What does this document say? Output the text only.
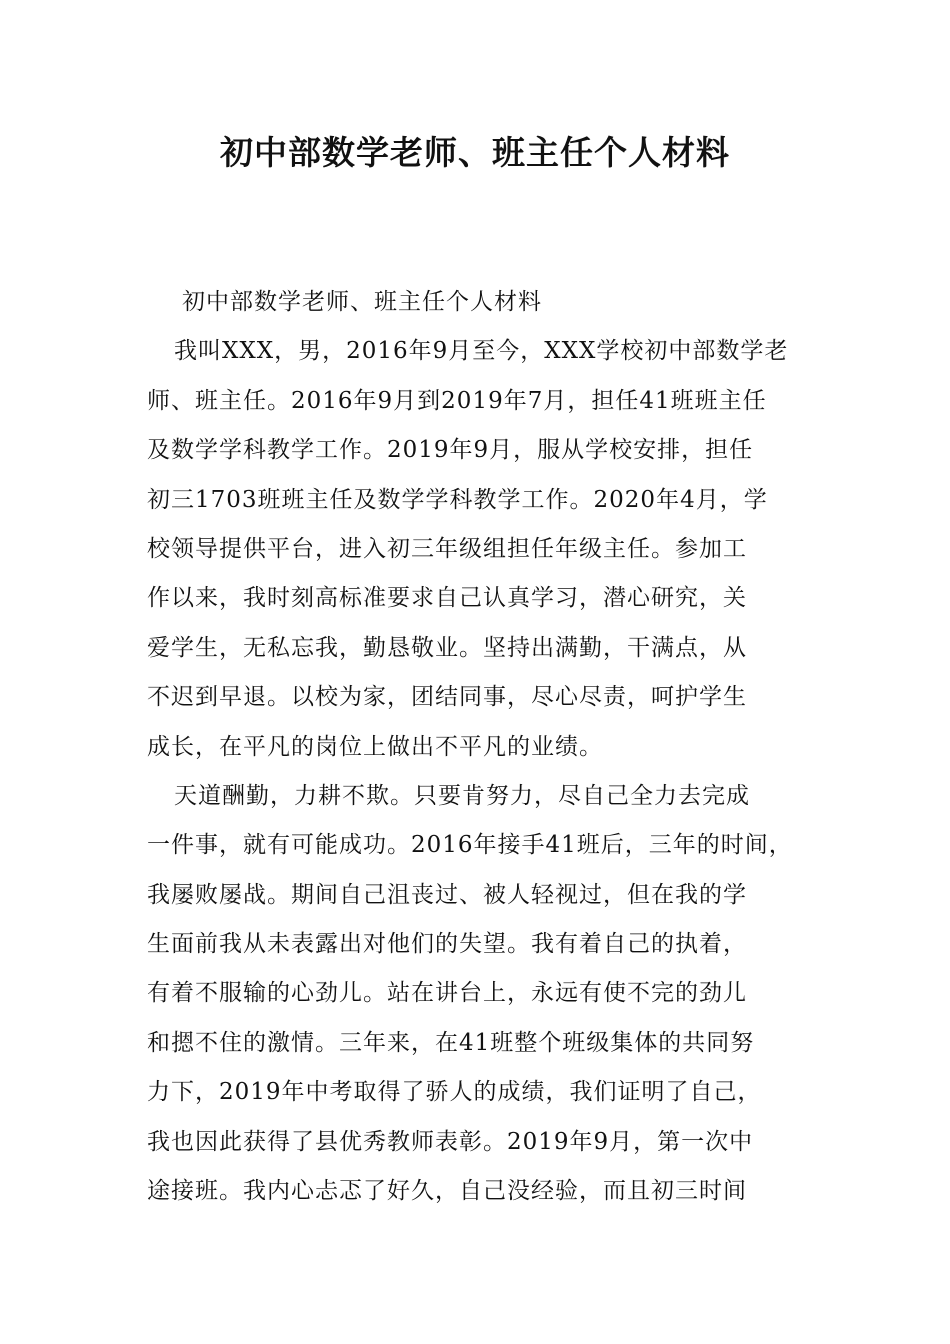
初中部数学老师、班主任个人材料
初中部数学老师、班主任个人材料
我叫XXX，男，2016年9月至今，XXX学校初中部数学老
师、班主任。2016年9月到2019年7月，担任41班班主任
及数学学科教学工作。2019年9月，服从学校安排，担任
初三1703班班主任及数学学科教学工作。2020年4月，学
校领导提供平台，进入初三年级组担任年级主任。参加工
作以来，我时刻高标准要求自己认真学习，潜心研究，关
爱学生，无私忘我，勤恳敬业。坚持出满勤，干满点，从
不迟到早退。以校为家，团结同事，尽心尽责，呵护学生
成长，在平凡的岗位上做出不平凡的业绩。
天道酬勤，力耕不欺。只要肯努力，尽自己全力去完成
一件事，就有可能成功。2016年接手41班后，三年的时间，
我屡败屡战。期间自己沮丧过、被人轻视过，但在我的学
生面前我从未表露出对他们的失望。我有着自己的执着，
有着不服输的心劲儿。站在讲台上，永远有使不完的劲儿
和摁不住的激情。三年来，在41班整个班级集体的共同努
力下，2019年中考取得了骄人的成绩，我们证明了自己，
我也因此获得了县优秀教师表彰。2019年9月，第一次中
途接班。我内心忐忑了好久，自己没经验，而且初三时间
